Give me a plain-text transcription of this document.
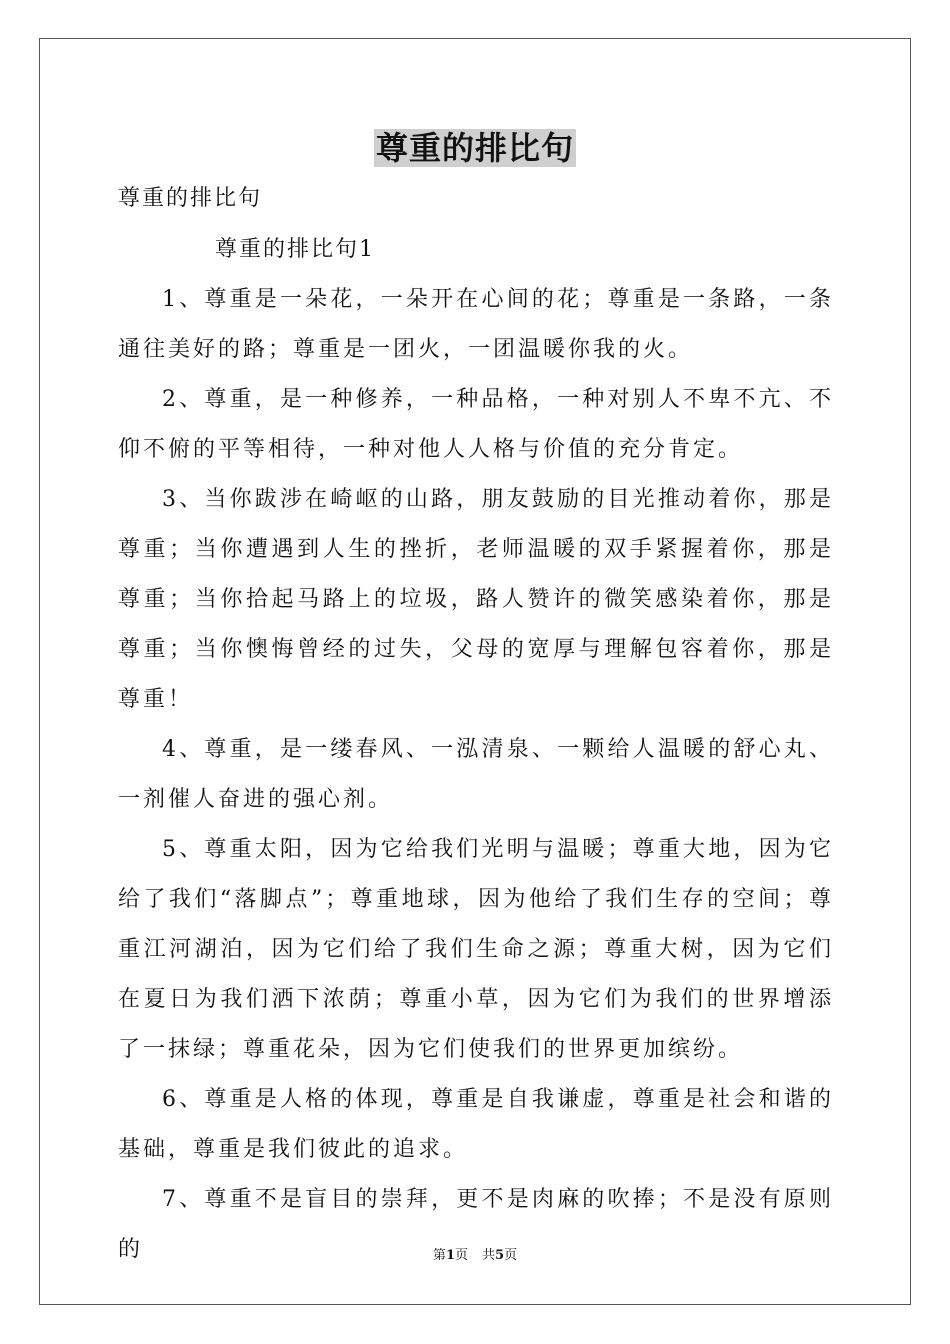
尊重的排比句
尊重的排比句
尊重的排比句1

1、尊重是一朵花，一朵开在心间的花；尊重是一条路，一条通往美好的路；尊重是一团火，一团温暖你我的火。

2、尊重，是一种修养，一种品格，一种对别人不卑不亢、不仰不俯的平等相待，一种对他人人格与价值的充分肯定。

3、当你跋涉在崎岖的山路，朋友鼓励的目光推动着你，那是尊重；当你遭遇到人生的挫折，老师温暖的双手紧握着你，那是尊重；当你拾起马路上的垃圾，路人赞许的微笑感染着你，那是尊重；当你懊悔曾经的过失，父母的宽厚与理解包容着你，那是尊重！

4、尊重，是一缕春风、一泓清泉、一颗给人温暖的舒心丸、一剂催人奋进的强心剂。

5、尊重太阳，因为它给我们光明与温暖；尊重大地，因为它给了我们“落脚点”；尊重地球，因为他给了我们生存的空间；尊重江河湖泊，因为它们给了我们生命之源；尊重大树，因为它们在夏日为我们洒下浓荫；尊重小草，因为它们为我们的世界增添了一抹绿；尊重花朵，因为它们使我们的世界更加缤纷。

6、尊重是人格的体现，尊重是自我谦虚，尊重是社会和谐的基础，尊重是我们彼此的追求。

7、尊重不是盲目的崇拜，更不是肉麻的吹捧；不是没有原则的	第1页 共5页
